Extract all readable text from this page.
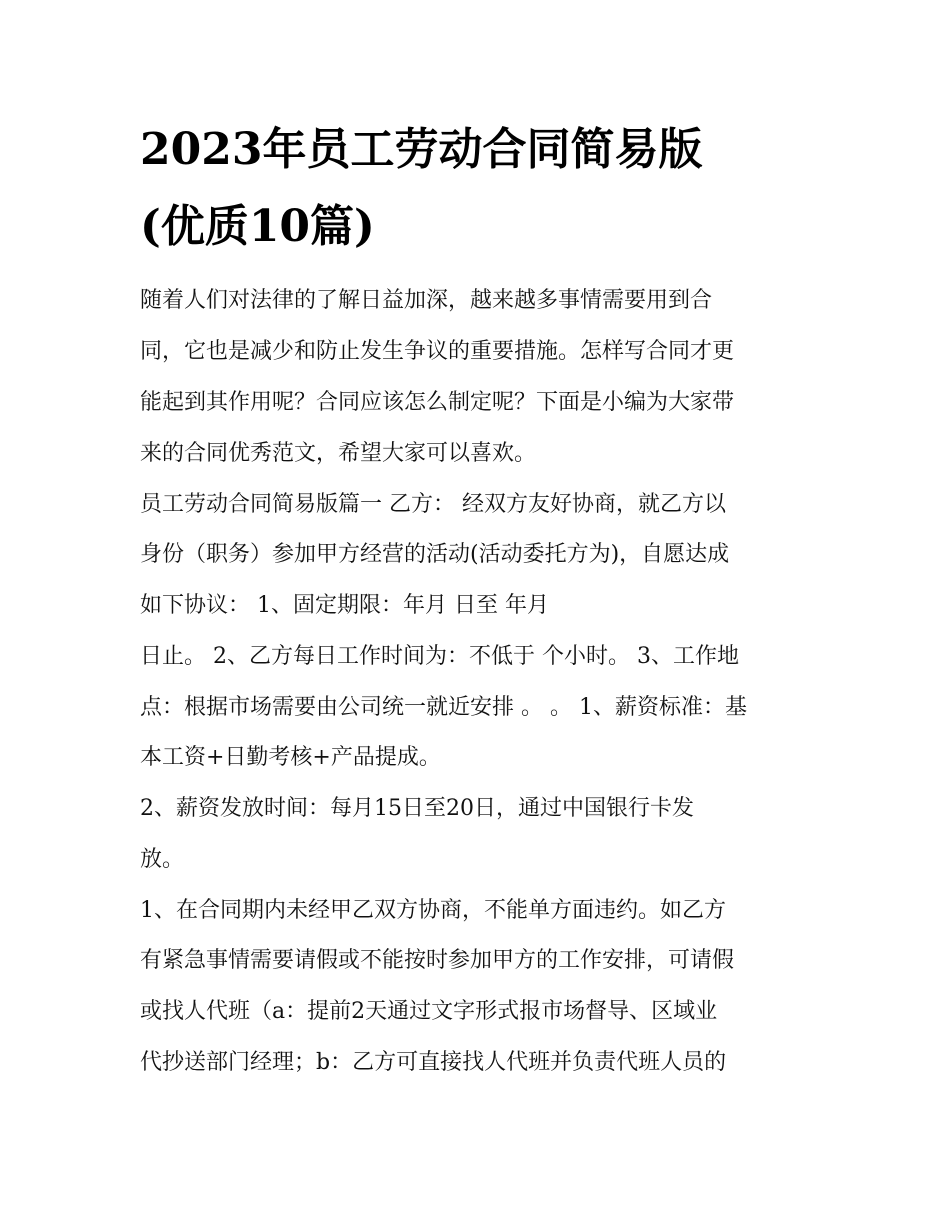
2023年员工劳动合同简易版
(优质10篇)
随着人们对法律的了解日益加深，越来越多事情需要用到合
同，它也是减少和防止发生争议的重要措施。怎样写合同才更
能起到其作用呢？合同应该怎么制定呢？下面是小编为大家带
来的合同优秀范文，希望大家可以喜欢。
员工劳动合同简易版篇一 乙方： 经双方友好协商，就乙方以
身份（职务）参加甲方经营的活动(活动委托方为)，自愿达成
如下协议： 1、固定期限：年月 日至 年月
日止。 2、乙方每日工作时间为：不低于 个小时。 3、工作地
点：根据市场需要由公司统一就近安排 。 。 1、薪资标准：基
本工资+日勤考核+产品提成。
2、薪资发放时间：每月15日至20日，通过中国银行卡发
放。
1、在合同期内未经甲乙双方协商，不能单方面违约。如乙方
有紧急事情需要请假或不能按时参加甲方的工作安排，可请假
或找人代班（a：提前2天通过文字形式报市场督导、区域业
代抄送部门经理；b：乙方可直接找人代班并负责代班人员的
